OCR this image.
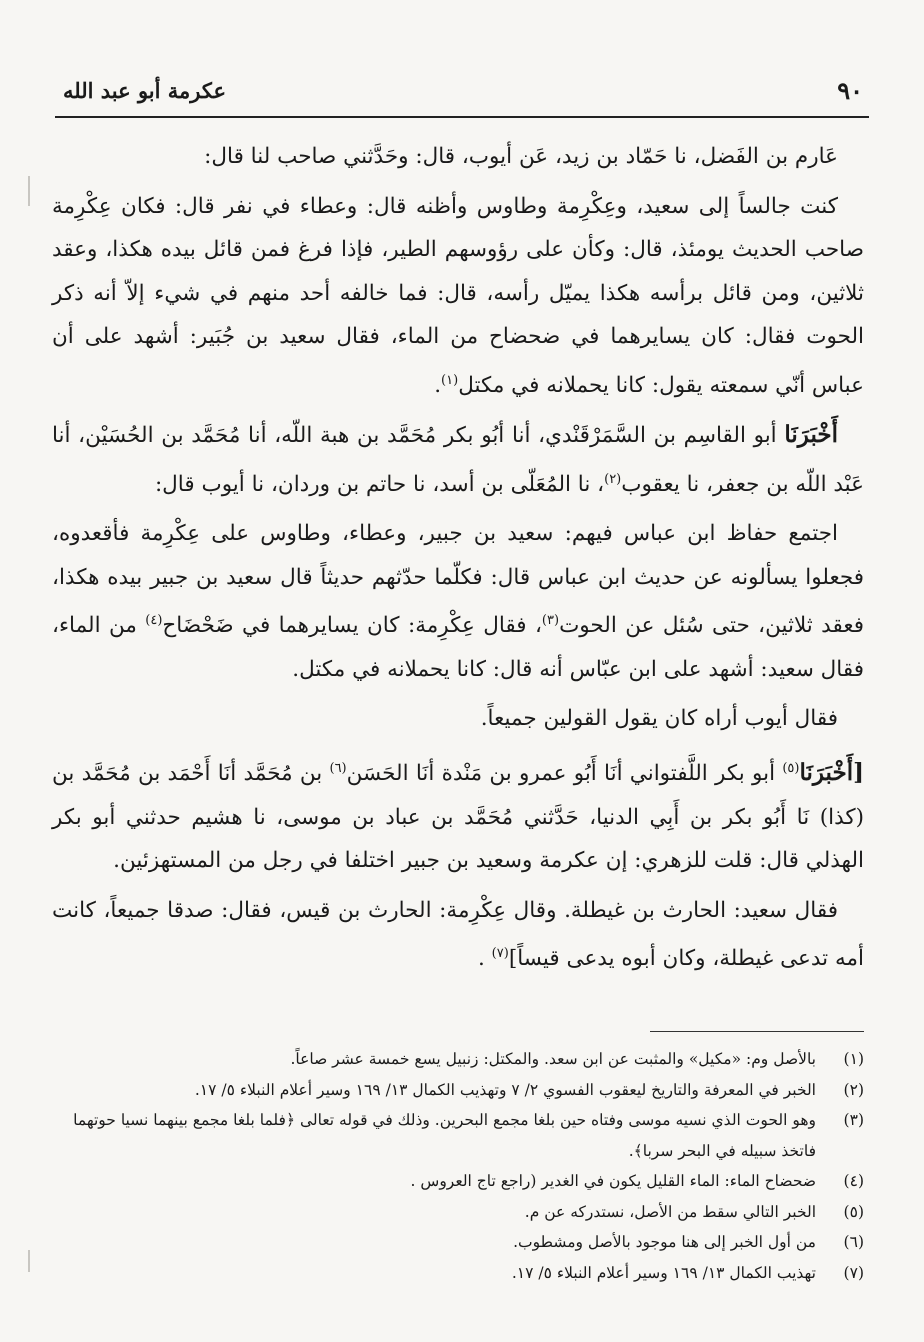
٩٠
عكرمة أبو عبد الله

عَارم بن الفَضل، نا حَمّاد بن زيد، عَن أيوب، قال: وحَدَّثني صاحب لنا قال:

كنت جالساً إلى سعيد، وعِكْرِمة وطاوس وأظنه قال: وعطاء في نفر قال: فكان عِكْرِمة صاحب الحديث يومئذ، قال: وكأن على رؤوسهم الطير، فإذا فرغ فمن قائل بيده هكذا، وعقد ثلاثين، ومن قائل برأسه هكذا يميّل رأسه، قال: فما خالفه أحد منهم في شيء إلاّ أنه ذكر الحوت فقال: كان يسايرهما في ضحضاح من الماء، فقال سعيد بن جُبَير: أشهد على أن عباس أنّي سمعته يقول: كانا يحملانه في مكتل$^{(١)}$.

أَخْبَرَنَا أبو القاسِم بن السَّمَرْقَنْدي، أنا أبُو بكر مُحَمَّد بن هبة اللّه، أنا مُحَمَّد بن الحُسَيْن، أنا عَبْد اللّه بن جعفر، نا يعقوب$^{(٢)}$، نا المُعَلّى بن أسد، نا حاتم بن وردان، نا أيوب قال:

اجتمع حفاظ ابن عباس فيهم: سعيد بن جبير، وعطاء، وطاوس على عِكْرِمة فأقعدوه، فجعلوا يسألونه عن حديث ابن عباس قال: فكلّما حدّثهم حديثاً قال سعيد بن جبير بيده هكذا، فعقد ثلاثين، حتى سُئل عن الحوت$^{(٣)}$، فقال عِكْرِمة: كان يسايرهما في ضَحْضَاح$^{(٤)}$ من الماء، فقال سعيد: أشهد على ابن عبّاس أنه قال: كانا يحملانه في مكتل.

فقال أيوب أراه كان يقول القولين جميعاً.

[أَخْبَرَنَا$^{(٥)}$ أبو بكر اللَّفتواني أنَا أَبُو عمرو بن مَنْدة أنَا الحَسَن$^{(٦)}$ بن مُحَمَّد أنَا أَحْمَد بن مُحَمَّد بن (كذا) نَا أَبُو بكر بن أَبِي الدنيا، حَدَّثني مُحَمَّد بن عباد بن موسى، نا هشيم حدثني أبو بكر الهذلي قال: قلت للزهري: إن عكرمة وسعيد بن جبير اختلفا في رجل من المستهزئين.

فقال سعيد: الحارث بن غيطلة. وقال عِكْرِمة: الحارث بن قيس، فقال: صدقا جميعاً، كانت أمه تدعى غيطلة، وكان أبوه يدعى قيساً]$^{(٧)}$ .

(١)
بالأصل وم: «مكيل» والمثبت عن ابن سعد. والمكتل: زنبيل يسع خمسة عشر صاعاً.
(٢)
الخبر في المعرفة والتاريخ ليعقوب الفسوي ٢/ ٧ وتهذيب الكمال ١٣/ ١٦٩ وسير أعلام النبلاء ٥/ ١٧.
(٣)
وهو الحوت الذي نسيه موسى وفتاه حين بلغا مجمع البحرين. وذلك في قوله تعالى ﴿فلما بلغا مجمع بينهما نسيا حوتهما فاتخذ سبيله في البحر سربا﴾.
(٤)
ضحضاح الماء: الماء القليل يكون في الغدير (راجع تاج العروس .
(٥)
الخبر التالي سقط من الأصل، نستدركه عن م.
(٦)
من أول الخبر إلى هنا موجود بالأصل ومشطوب.
(٧)
تهذيب الكمال ١٣/ ١٦٩ وسير أعلام النبلاء ٥/ ١٧.
